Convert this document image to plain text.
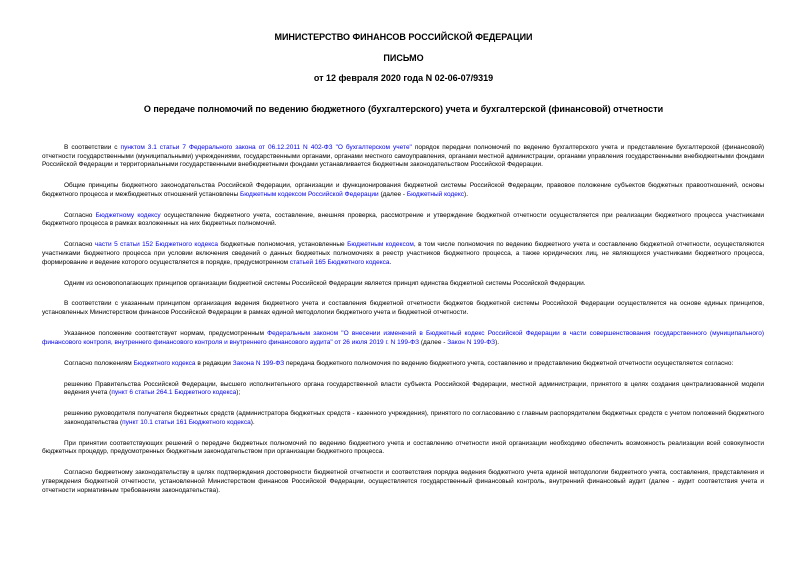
МИНИСТЕРСТВО ФИНАНСОВ РОССИЙСКОЙ ФЕДЕРАЦИИ
ПИСЬМО
от 12 февраля 2020 года N 02-06-07/9319
О передаче полномочий по ведению бюджетного (бухгалтерского) учета и бухгалтерской (финансовой) отчетности

В соответствии с пунктом 3.1 статьи 7 Федерального закона от 06.12.2011 N 402-ФЗ "О бухгалтерском учете" порядок передачи полномочий по ведению бухгалтерского учета и представление бухгалтерской (финансовой) отчетности государственными (муниципальными) учреждениями, государственными органами, органами местного самоуправления, органами местной администрации, органами управления государственными внебюджетными фондами Российской Федерации и территориальными государственными внебюджетными фондами устанавливается бюджетным законодательством Российской Федерации.

Общие принципы бюджетного законодательства Российской Федерации, организации и функционирования бюджетной системы Российской Федерации, правовое положение субъектов бюджетных правоотношений, основы бюджетного процесса и межбюджетных отношений установлены Бюджетным кодексом Российской Федерации (далее - Бюджетный кодекс).

Согласно Бюджетному кодексу осуществление бюджетного учета, составление, внешняя проверка, рассмотрение и утверждение бюджетной отчетности осуществляется при реализации бюджетного процесса участниками бюджетного процесса в рамках возложенных на них бюджетных полномочий.

Согласно части 5 статьи 152 Бюджетного кодекса бюджетные полномочия, установленные Бюджетным кодексом, в том числе полномочия по ведению бюджетного учета и составлению бюджетной отчетности, осуществляются участниками бюджетного процесса при условии включения сведений о данных бюджетных полномочиях в реестр участников бюджетного процесса, а также юридических лиц, не являющихся участниками бюджетного процесса, формирование и ведение которого осуществляется в порядке, предусмотренном статьей 165 Бюджетного кодекса.

Одним из основополагающих принципов организации бюджетной системы Российской Федерации является принцип единства бюджетной системы Российской Федерации.

В соответствии с указанным принципом организация ведения бюджетного учета и составления бюджетной отчетности бюджетов бюджетной системы Российской Федерации осуществляется на основе единых принципов, установленных Министерством финансов Российской Федерации в рамках единой методологии бюджетного учета и бюджетной отчетности.

Указанное положение соответствует нормам, предусмотренным Федеральным законом "О внесении изменений в Бюджетный кодекс Российской Федерации в части совершенствования государственного (муниципального) финансового контроля, внутреннего финансового контроля и внутреннего финансового аудита" от 26 июля 2019 г. N 199-ФЗ (далее - Закон N 199-ФЗ).

Согласно положениям Бюджетного кодекса в редакции Закона N 199-ФЗ передача бюджетного полномочия по ведению бюджетного учета, составлению и представлению бюджетной отчетности осуществляется согласно:

решению Правительства Российской Федерации, высшего исполнительного органа государственной власти субъекта Российской Федерации, местной администрации, принятого в целях создания централизованной модели ведения учета (пункт 6 статьи 264.1 Бюджетного кодекса);

решению руководителя получателя бюджетных средств (администратора бюджетных средств - казенного учреждения), принятого по согласованию с главным распорядителем бюджетных средств с учетом положений бюджетного законодательства (пункт 10.1 статьи 161 Бюджетного кодекса).

При принятии соответствующих решений о передаче бюджетных полномочий по ведению бюджетного учета и составлению отчетности иной организации необходимо обеспечить возможность реализации всей совокупности бюджетных процедур, предусмотренных бюджетным законодательством при организации бюджетного процесса.

Согласно бюджетному законодательству в целях подтверждения достоверности бюджетной отчетности и соответствия порядка ведения бюджетного учета единой методологии бюджетного учета, составления, представления и утверждения бюджетной отчетности, установленной Министерством финансов Российской Федерации, осуществляется государственный финансовый контроль, внутренний финансовый аудит (далее - аудит соответствия учета и отчетности нормативным требованиям законодательства).
